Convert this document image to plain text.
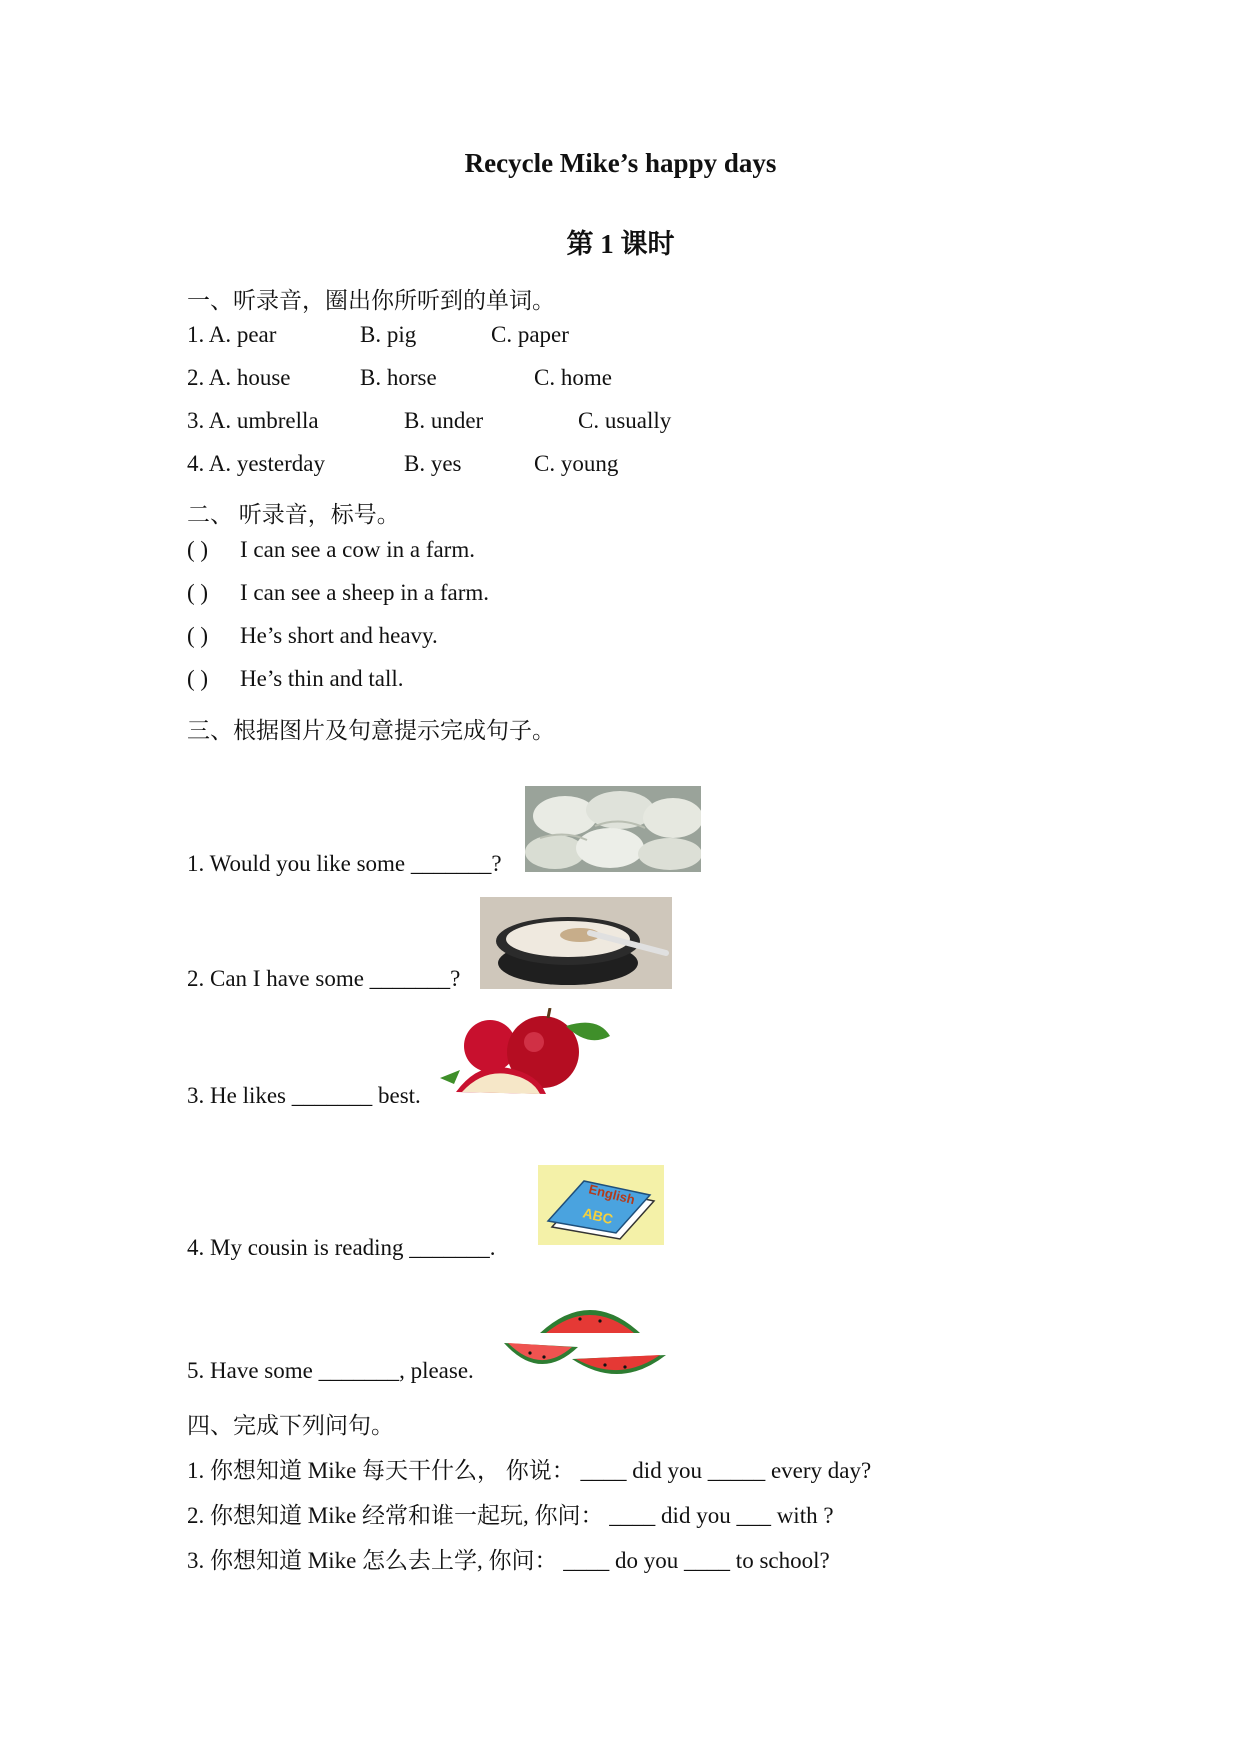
Recycle Mike’s happy days
第 1 课时
一、听录音，圈出你所听到的单词。
1. A. pear	B. pig	C. paper
2. A. house	B. horse	C. home
3. A. umbrella	B. under	C. usually
4. A. yesterday	B. yes	C. young
二、 听录音，标号。
( ) I can see a cow in a farm.
( ) I can see a sheep in a farm.
( ) He’s short and heavy.
( ) He’s thin and tall.
三、根据图片及句意提示完成句子。
1. Would you like some _______?
2. Can I have some _______?
3. He likes _______ best.
4. My cousin is reading _______.
English
ABC
5. Have some _______, please.
四、完成下列问句。
1. 你想知道 Mike 每天干什么， 你说： ____ did you _____ every day?
2. 你想知道 Mike 经常和谁一起玩, 你问： ____ did you ___ with ?
3. 你想知道 Mike 怎么去上学, 你问： ____ do you ____ to school?
